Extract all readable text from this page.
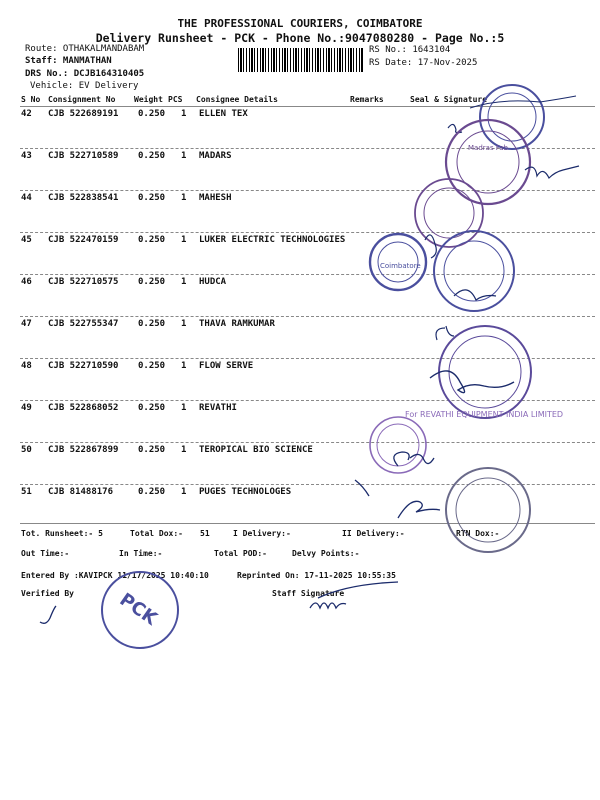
THE PROFESSIONAL COURIERS, COIMBATORE
Delivery Runsheet - PCK - Phone No.:9047080280 - Page No.:5
Route: OTHAKALMANDABAM
Staff: MANMATHAN
DRS No.: DCJB164310405
Vehicle: EV Delivery
RS No.: 1643104
RS Date: 17-Nov-2025
S No Consignment No Weight PCS Consignee Details	Remarks	Seal & Signature
42 CJB 522689191 0.250 1 ELLEN TEX
43 CJB 522710589 0.250 1 MADARS
44 CJB 522838541 0.250 1 MAHESH
45 CJB 522470159 0.250 1 LUKER ELECTRIC TECHNOLOGIES
46 CJB 522710575 0.250 1 HUDCA
47 CJB 522755347 0.250 1 THAVA RAMKUMAR
48 CJB 522710590 0.250 1 FLOW SERVE
49 CJB 522868052 0.250 1 REVATHI
50 CJB 522867899 0.250 1 TEROPICAL BIO SCIENCE
51 CJB 81488176	0.250 1 PUGES TECHNOLOGES
Tot. Runsheet:- 5	Total Dox:- 51	I Delivery:-	II Delivery:-	RTN Dox:-
Out Time:-	In Time:-	Total POD:-	Delvy Points:-
Entered By :KAVIPCK 11/17/2025 10:40:10	Reprinted On: 17-11-2025 10:55:35
Verified By	Staff Signature
Madras Fab
Coimbatore
For REVATHI EQUIPMENT INDIA LIMITED
PCK
